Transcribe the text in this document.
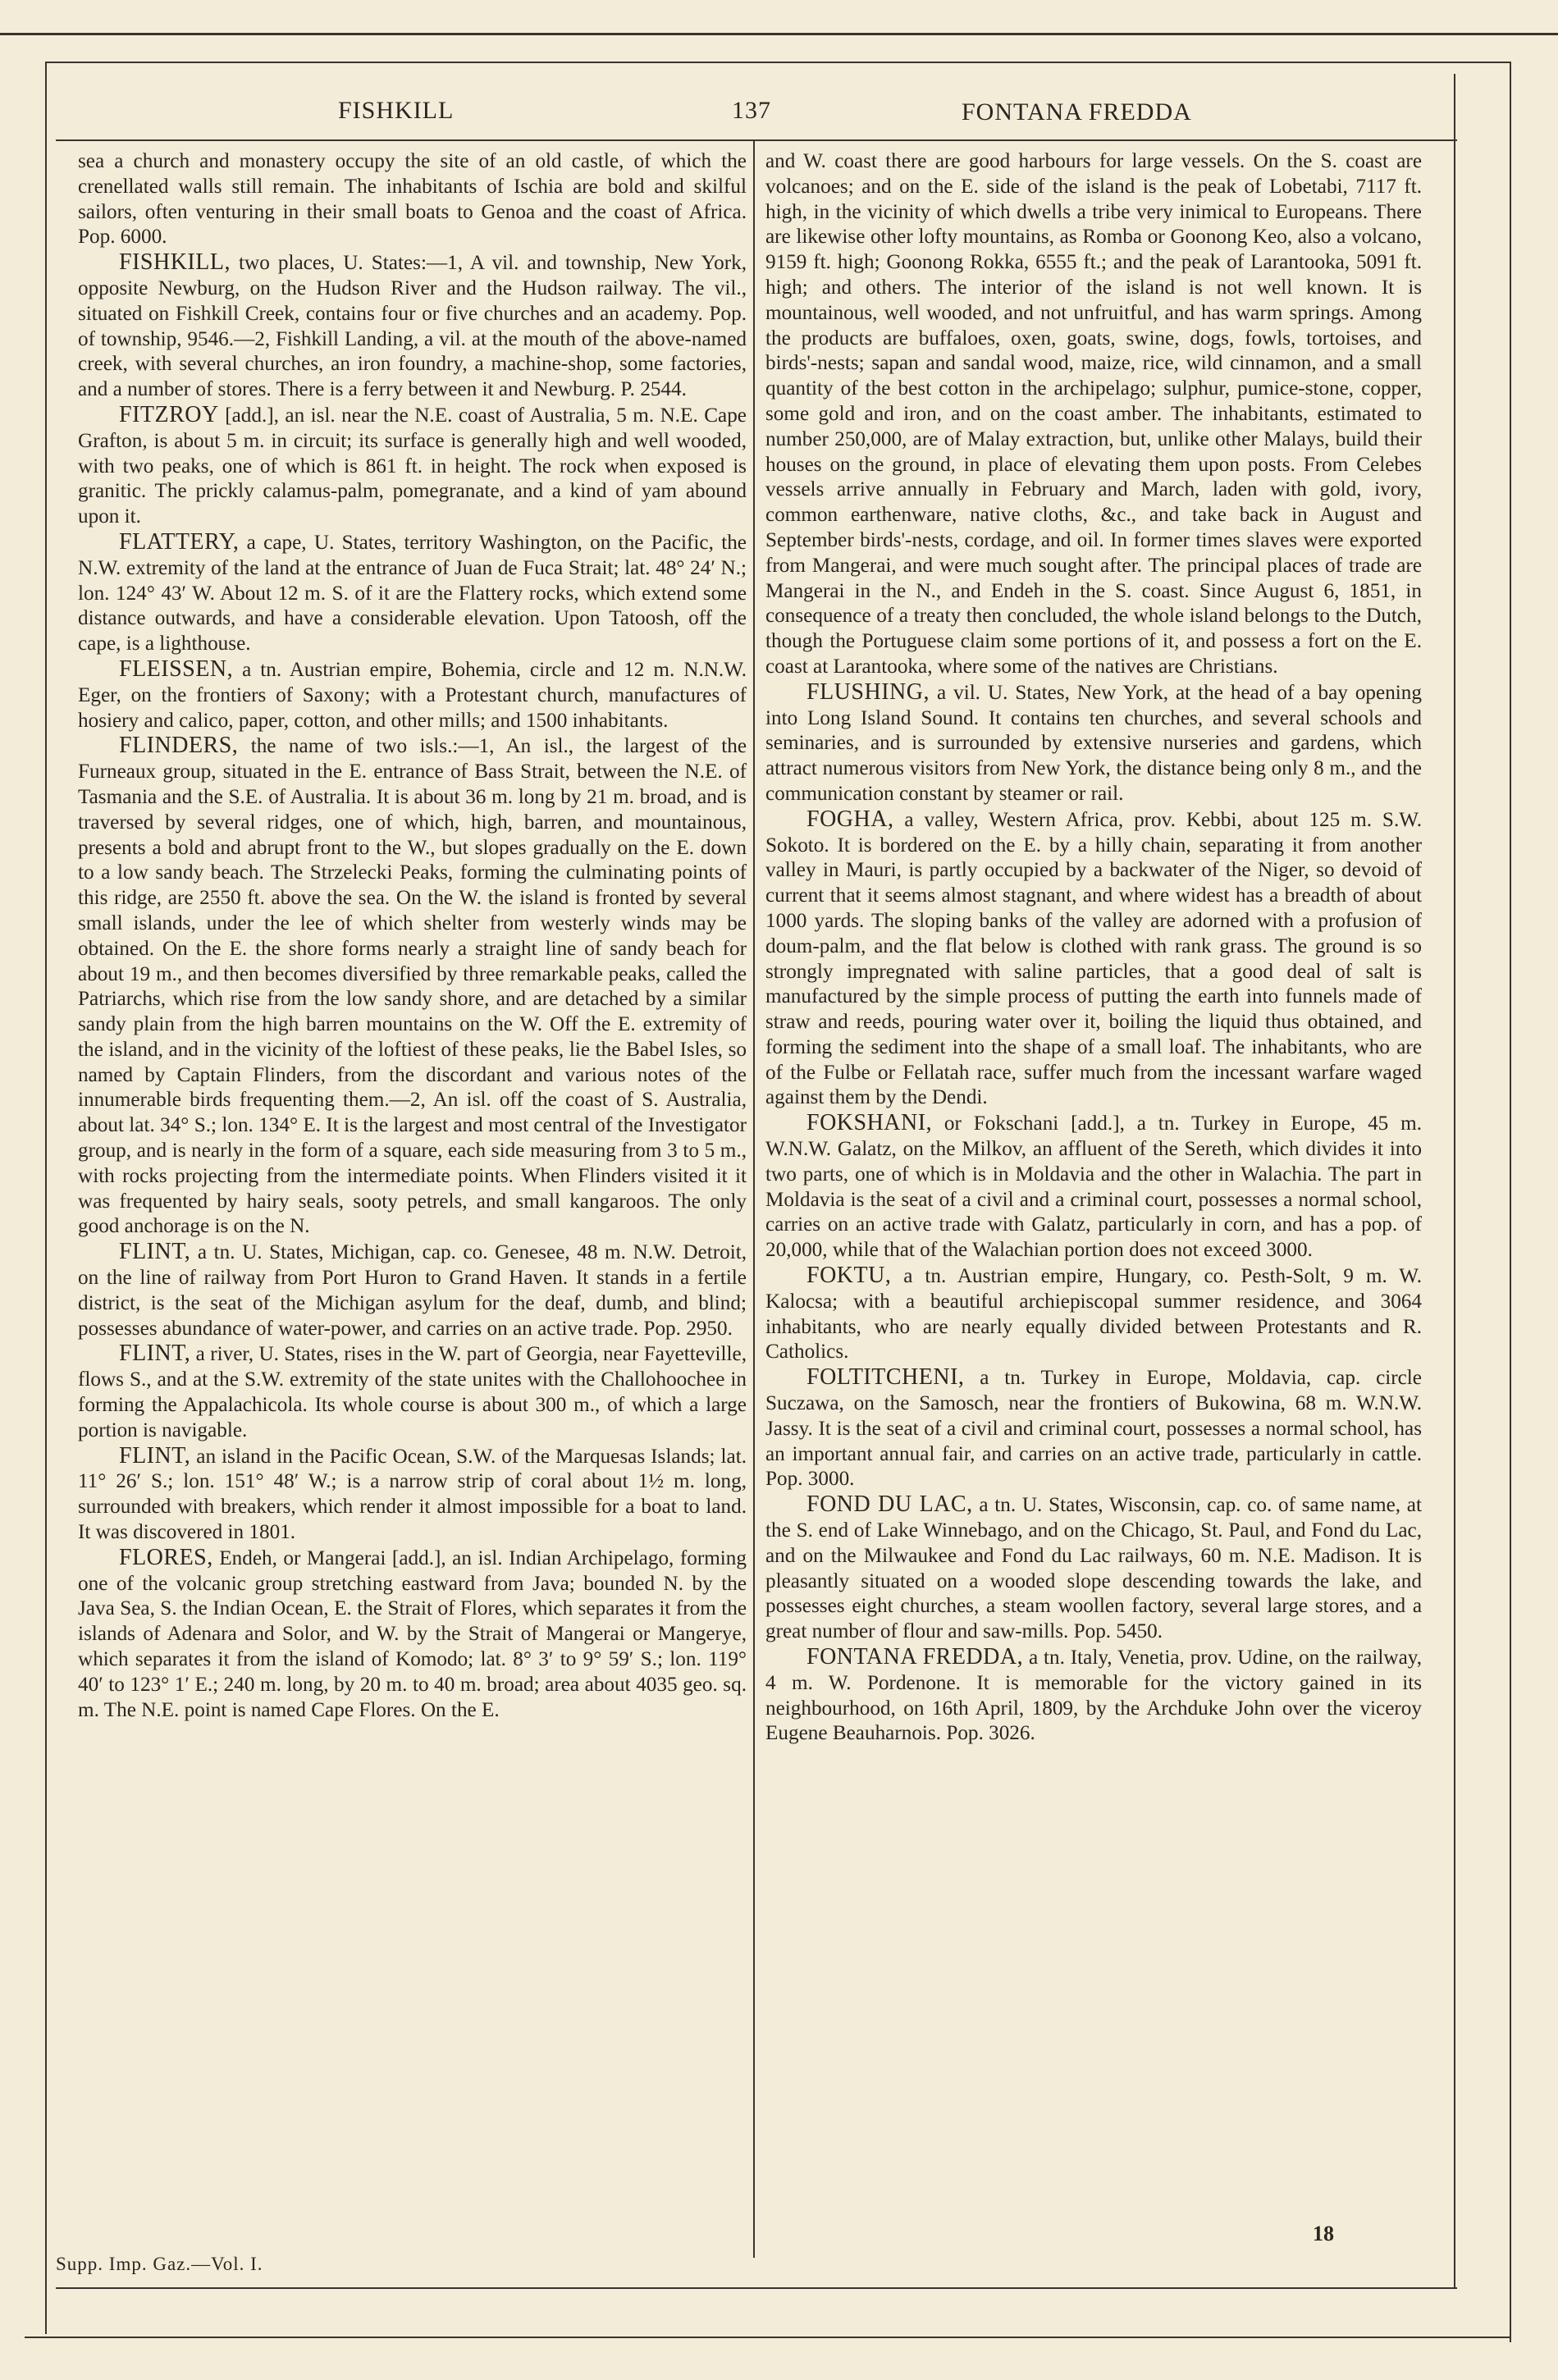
FISHKILL	137	FONTANA FREDDA

sea a church and monastery occupy the site of an old castle, of which the crenellated walls still remain. The inhabitants of Ischia are bold and skilful sailors, often venturing in their small boats to Genoa and the coast of Africa. Pop. 6000.

FISHKILL, two places, U. States:—1, A vil. and township, New York, opposite Newburg, on the Hudson River and the Hudson railway. The vil., situated on Fishkill Creek, contains four or five churches and an academy. Pop. of township, 9546.—2, Fishkill Landing, a vil. at the mouth of the above-named creek, with several churches, an iron foundry, a machine-shop, some factories, and a number of stores. There is a ferry between it and Newburg. P. 2544.

FITZROY [add.], an isl. near the N.E. coast of Australia, 5 m. N.E. Cape Grafton, is about 5 m. in circuit; its surface is generally high and well wooded, with two peaks, one of which is 861 ft. in height. The rock when exposed is granitic. The prickly calamus-palm, pomegranate, and a kind of yam abound upon it.

FLATTERY, a cape, U. States, territory Washington, on the Pacific, the N.W. extremity of the land at the entrance of Juan de Fuca Strait; lat. 48° 24′ N.; lon. 124° 43′ W. About 12 m. S. of it are the Flattery rocks, which extend some distance outwards, and have a considerable elevation. Upon Tatoosh, off the cape, is a lighthouse.

FLEISSEN, a tn. Austrian empire, Bohemia, circle and 12 m. N.N.W. Eger, on the frontiers of Saxony; with a Protestant church, manufactures of hosiery and calico, paper, cotton, and other mills; and 1500 inhabitants.

FLINDERS, the name of two isls.:—1, An isl., the largest of the Furneaux group, situated in the E. entrance of Bass Strait, between the N.E. of Tasmania and the S.E. of Australia. It is about 36 m. long by 21 m. broad, and is traversed by several ridges, one of which, high, barren, and mountainous, presents a bold and abrupt front to the W., but slopes gradually on the E. down to a low sandy beach. The Strzelecki Peaks, forming the culminating points of this ridge, are 2550 ft. above the sea. On the W. the island is fronted by several small islands, under the lee of which shelter from westerly winds may be obtained. On the E. the shore forms nearly a straight line of sandy beach for about 19 m., and then becomes diversified by three remarkable peaks, called the Patriarchs, which rise from the low sandy shore, and are detached by a similar sandy plain from the high barren mountains on the W. Off the E. extremity of the island, and in the vicinity of the loftiest of these peaks, lie the Babel Isles, so named by Captain Flinders, from the discordant and various notes of the innumerable birds frequenting them.—2, An isl. off the coast of S. Australia, about lat. 34° S.; lon. 134° E. It is the largest and most central of the Investigator group, and is nearly in the form of a square, each side measuring from 3 to 5 m., with rocks projecting from the intermediate points. When Flinders visited it it was frequented by hairy seals, sooty petrels, and small kangaroos. The only good anchorage is on the N.

FLINT, a tn. U. States, Michigan, cap. co. Genesee, 48 m. N.W. Detroit, on the line of railway from Port Huron to Grand Haven. It stands in a fertile district, is the seat of the Michigan asylum for the deaf, dumb, and blind; possesses abundance of water-power, and carries on an active trade. Pop. 2950.

FLINT, a river, U. States, rises in the W. part of Georgia, near Fayetteville, flows S., and at the S.W. extremity of the state unites with the Challohoochee in forming the Appalachicola. Its whole course is about 300 m., of which a large portion is navigable.

FLINT, an island in the Pacific Ocean, S.W. of the Marquesas Islands; lat. 11° 26′ S.; lon. 151° 48′ W.; is a narrow strip of coral about 1½ m. long, surrounded with breakers, which render it almost impossible for a boat to land. It was discovered in 1801.

FLORES, Endeh, or Mangerai [add.], an isl. Indian Archipelago, forming one of the volcanic group stretching eastward from Java; bounded N. by the Java Sea, S. the Indian Ocean, E. the Strait of Flores, which separates it from the islands of Adenara and Solor, and W. by the Strait of Mangerai or Mangerye, which separates it from the island of Komodo; lat. 8° 3′ to 9° 59′ S.; lon. 119° 40′ to 123° 1′ E.; 240 m. long, by 20 m. to 40 m. broad; area about 4035 geo. sq. m. The N.E. point is named Cape Flores. On the E.

and W. coast there are good harbours for large vessels. On the S. coast are volcanoes; and on the E. side of the island is the peak of Lobetabi, 7117 ft. high, in the vicinity of which dwells a tribe very inimical to Europeans. There are likewise other lofty mountains, as Romba or Goonong Keo, also a volcano, 9159 ft. high; Goonong Rokka, 6555 ft.; and the peak of Larantooka, 5091 ft. high; and others. The interior of the island is not well known. It is mountainous, well wooded, and not unfruitful, and has warm springs. Among the products are buffaloes, oxen, goats, swine, dogs, fowls, tortoises, and birds'-nests; sapan and sandal wood, maize, rice, wild cinnamon, and a small quantity of the best cotton in the archipelago; sulphur, pumice-stone, copper, some gold and iron, and on the coast amber. The inhabitants, estimated to number 250,000, are of Malay extraction, but, unlike other Malays, build their houses on the ground, in place of elevating them upon posts. From Celebes vessels arrive annually in February and March, laden with gold, ivory, common earthenware, native cloths, &c., and take back in August and September birds'-nests, cordage, and oil. In former times slaves were exported from Mangerai, and were much sought after. The principal places of trade are Mangerai in the N., and Endeh in the S. coast. Since August 6, 1851, in consequence of a treaty then concluded, the whole island belongs to the Dutch, though the Portuguese claim some portions of it, and possess a fort on the E. coast at Larantooka, where some of the natives are Christians.

FLUSHING, a vil. U. States, New York, at the head of a bay opening into Long Island Sound. It contains ten churches, and several schools and seminaries, and is surrounded by extensive nurseries and gardens, which attract numerous visitors from New York, the distance being only 8 m., and the communication constant by steamer or rail.

FOGHA, a valley, Western Africa, prov. Kebbi, about 125 m. S.W. Sokoto. It is bordered on the E. by a hilly chain, separating it from another valley in Mauri, is partly occupied by a backwater of the Niger, so devoid of current that it seems almost stagnant, and where widest has a breadth of about 1000 yards. The sloping banks of the valley are adorned with a profusion of doum-palm, and the flat below is clothed with rank grass. The ground is so strongly impregnated with saline particles, that a good deal of salt is manufactured by the simple process of putting the earth into funnels made of straw and reeds, pouring water over it, boiling the liquid thus obtained, and forming the sediment into the shape of a small loaf. The inhabitants, who are of the Fulbe or Fellatah race, suffer much from the incessant warfare waged against them by the Dendi.

FOKSHANI, or Fokschani [add.], a tn. Turkey in Europe, 45 m. W.N.W. Galatz, on the Milkov, an affluent of the Sereth, which divides it into two parts, one of which is in Moldavia and the other in Walachia. The part in Moldavia is the seat of a civil and a criminal court, possesses a normal school, carries on an active trade with Galatz, particularly in corn, and has a pop. of 20,000, while that of the Walachian portion does not exceed 3000.

FOKTU, a tn. Austrian empire, Hungary, co. Pesth-Solt, 9 m. W. Kalocsa; with a beautiful archiepiscopal summer residence, and 3064 inhabitants, who are nearly equally divided between Protestants and R. Catholics.

FOLTITCHENI, a tn. Turkey in Europe, Moldavia, cap. circle Suczawa, on the Samosch, near the frontiers of Bukowina, 68 m. W.N.W. Jassy. It is the seat of a civil and criminal court, possesses a normal school, has an important annual fair, and carries on an active trade, particularly in cattle. Pop. 3000.

FOND DU LAC, a tn. U. States, Wisconsin, cap. co. of same name, at the S. end of Lake Winnebago, and on the Chicago, St. Paul, and Fond du Lac, and on the Milwaukee and Fond du Lac railways, 60 m. N.E. Madison. It is pleasantly situated on a wooded slope descending towards the lake, and possesses eight churches, a steam woollen factory, several large stores, and a great number of flour and saw-mills. Pop. 5450.

FONTANA FREDDA, a tn. Italy, Venetia, prov. Udine, on the railway, 4 m. W. Pordenone. It is memorable for the victory gained in its neighbourhood, on 16th April, 1809, by the Archduke John over the viceroy Eugene Beauharnois. Pop. 3026.

Supp. Imp. Gaz.—Vol. I.
18
